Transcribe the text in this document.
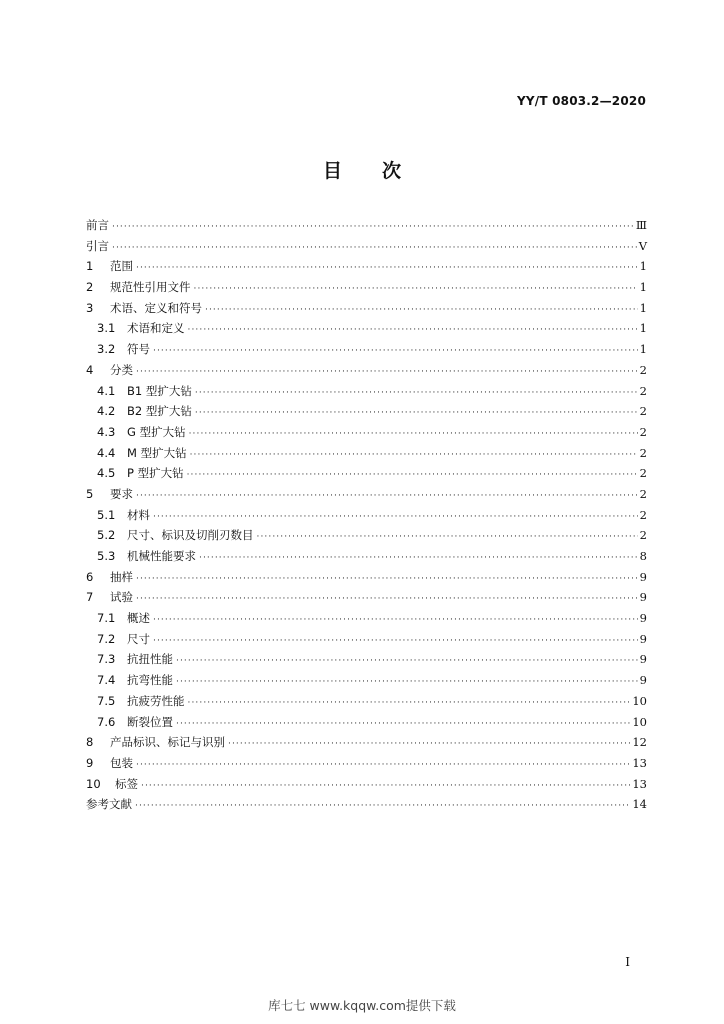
YY/T 0803.2—2020
目 次
前言 ·····	Ⅲ
引言 ·····	V
1	范围 ·····	1
2	规范性引用文件 ·····	1
3	术语、定义和符号 ·····	1
3.1	术语和定义 ·····	1
3.2	符号 ·····	1
4	分类 ·····	2
4.1	B1 型扩大钻 ·····	2
4.2	B2 型扩大钻 ·····	2
4.3	G 型扩大钻 ·····	2
4.4	M 型扩大钻 ·····	2
4.5	P 型扩大钻 ·····	2
5	要求 ·····	2
5.1	材料 ·····	2
5.2	尺寸、标识及切削刃数目 ·····	2
5.3	机械性能要求 ·····	8
6	抽样 ·····	9
7	试验 ·····	9
7.1	概述 ·····	9
7.2	尺寸 ·····	9
7.3	抗扭性能 ·····	9
7.4	抗弯性能 ·····	9
7.5	抗疲劳性能 ·····	10
7.6	断裂位置 ·····	10
8	产品标识、标记与识别 ·····	12
9	包装 ·····	13
10	标签 ·····	13
参考文献 ·····	14
I
库七七 www.kqqw.com提供下载
